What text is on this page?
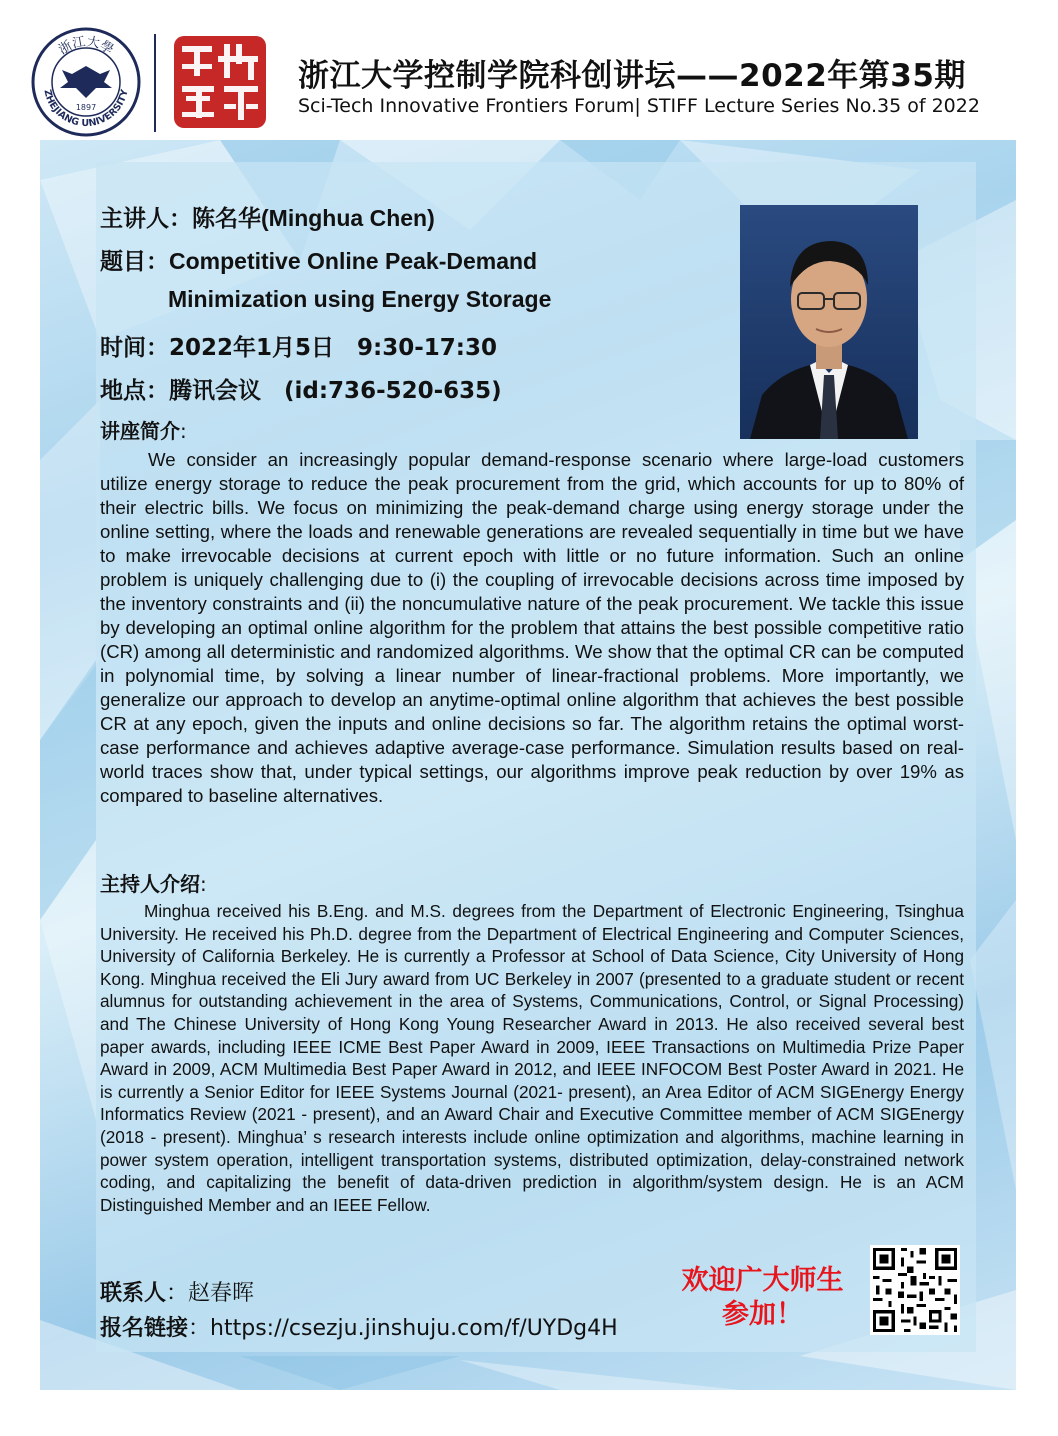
浙江大學
ZHEJIANG UNIVERSITY
1897
浙江大学控制学院科创讲坛——2022年第35期
Sci-Tech Innovative Frontiers Forum| STIFF Lecture Series No.35 of 2022
主讲人：陈名华(Minghua Chen)
题目：Competitive Online Peak-Demand
Minimization using Energy Storage
时间：2022年1月5日　9:30-17:30
地点：腾讯会议　(id:736-520-635)
讲座简介:

We consider an increasingly popular demand-response scenario where large-load customers utilize energy storage to reduce the peak procurement from the grid, which accounts for up to 80% of their electric bills. We focus on minimizing the peak-demand charge using energy storage under the online setting, where the loads and renewable generations are revealed sequentially in time but we have to make irrevocable decisions at current epoch with little or no future information. Such an online problem is uniquely challenging due to (i) the coupling of irrevocable decisions across time imposed by the inventory constraints and (ii) the noncumulative nature of the peak procurement. We tackle this issue by developing an optimal online algorithm for the problem that attains the best possible competitive ratio (CR) among all deterministic and randomized algorithms. We show that the optimal CR can be computed in polynomial time, by solving a linear number of linear-fractional problems. More importantly, we generalize our approach to develop an anytime-optimal online algorithm that achieves the best possible CR at any epoch, given the inputs and online decisions so far. The algorithm retains the optimal worst-case performance and achieves adaptive average-case performance. Simulation results based on real-world traces show that, under typical settings, our algorithms improve peak reduction by over 19% as compared to baseline alternatives.

主持人介绍:

Minghua received his B.Eng. and M.S. degrees from the Department of Electronic Engineering, Tsinghua University. He received his Ph.D. degree from the Department of Electrical Engineering and Computer Sciences, University of California Berkeley. He is currently a Professor at School of Data Science, City University of Hong Kong. Minghua received the Eli Jury award from UC Berkeley in 2007 (presented to a graduate student or recent alumnus for outstanding achievement in the area of Systems, Communications, Control, or Signal Processing) and The Chinese University of Hong Kong Young Researcher Award in 2013. He also received several best paper awards, including IEEE ICME Best Paper Award in 2009, IEEE Transactions on Multimedia Prize Paper Award in 2009, ACM Multimedia Best Paper Award in 2012, and IEEE INFOCOM Best Poster Award in 2021. He is currently a Senior Editor for IEEE Systems Journal (2021- present), an Area Editor of ACM SIGEnergy Energy Informatics Review (2021 - present), and an Award Chair and Executive Committee member of ACM SIGEnergy (2018 - present). Minghua’ s research interests include online optimization and algorithms, machine learning in power system operation, intelligent transportation systems, distributed optimization, delay-constrained network coding, and capitalizing the benefit of data-driven prediction in algorithm/system design. He is an ACM Distinguished Member and an IEEE Fellow.

联系人：赵春晖
报名链接：https://csezju.jinshuju.com/f/UYDg4H
欢迎广大师生
参加！
